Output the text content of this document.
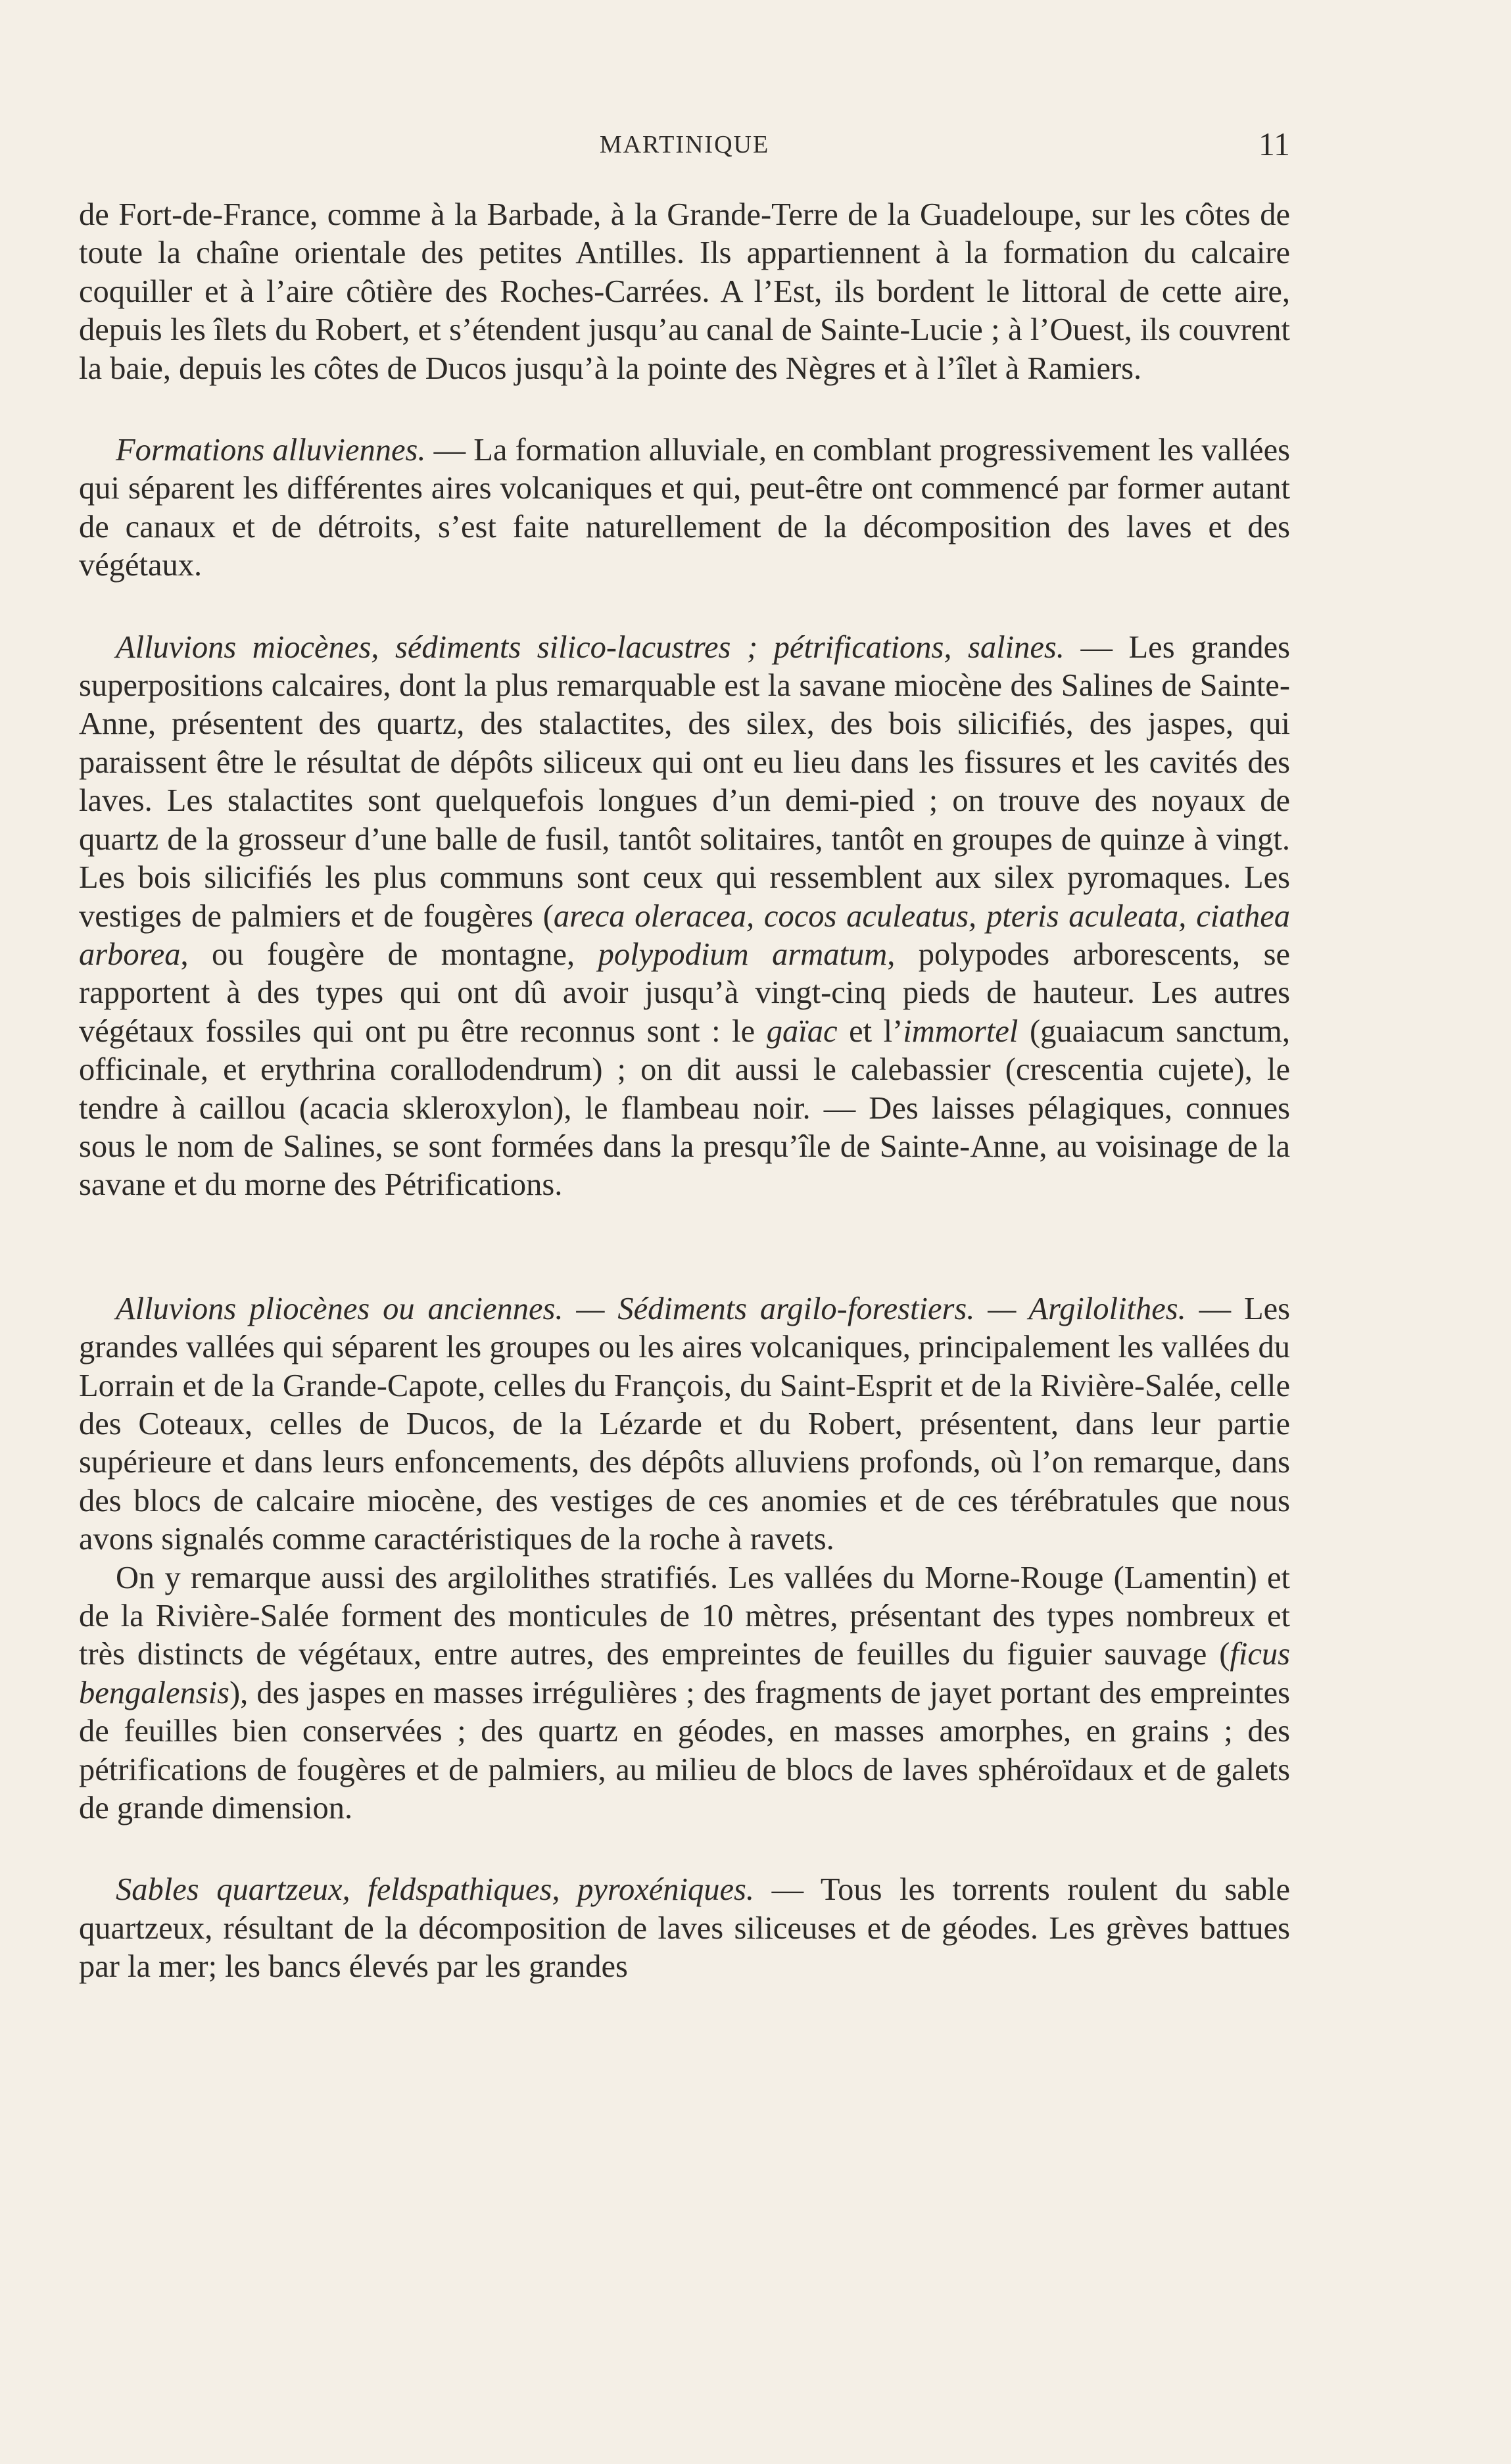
MARTINIQUE	11

de Fort-de-France, comme à la Barbade, à la Grande-Terre de la Guadeloupe, sur les côtes de toute la chaîne orientale des petites Antilles. Ils appartiennent à la formation du calcaire coquiller et à l’aire côtière des Roches-Carrées. A l’Est, ils bordent le littoral de cette aire, depuis les îlets du Robert, et s’étendent jusqu’au canal de Sainte-Lucie ; à l’Ouest, ils couvrent la baie, depuis les côtes de Ducos jusqu’à la pointe des Nègres et à l’îlet à Ramiers.

Formations alluviennes. — La formation alluviale, en comblant progressivement les vallées qui séparent les différentes aires volcaniques et qui, peut-être ont commencé par former autant de canaux et de détroits, s’est faite naturellement de la décomposition des laves et des végétaux.

Alluvions miocènes, sédiments silico-lacustres ; pétrifications, salines. — Les grandes superpositions calcaires, dont la plus remarquable est la savane miocène des Salines de Sainte-Anne, présentent des quartz, des stalactites, des silex, des bois silicifiés, des jaspes, qui paraissent être le résultat de dépôts siliceux qui ont eu lieu dans les fissures et les cavités des laves. Les stalactites sont quelquefois longues d’un demi-pied ; on trouve des noyaux de quartz de la grosseur d’une balle de fusil, tantôt solitaires, tantôt en groupes de quinze à vingt. Les bois silicifiés les plus communs sont ceux qui ressemblent aux silex pyromaques. Les vestiges de palmiers et de fougères (areca oleracea, cocos aculeatus, pteris aculeata, ciathea arborea, ou fougère de montagne, polypodium armatum, polypodes arborescents, se rapportent à des types qui ont dû avoir jusqu’à vingt-cinq pieds de hauteur. Les autres végétaux fossiles qui ont pu être reconnus sont : le gaïac et l’immortel (guaiacum sanctum, officinale, et erythrina corallodendrum) ; on dit aussi le calebassier (crescentia cujete), le tendre à caillou (acacia skleroxylon), le flambeau noir. — Des laisses pélagiques, connues sous le nom de Salines, se sont formées dans la presqu’île de Sainte-Anne, au voisinage de la savane et du morne des Pétrifications.

Alluvions pliocènes ou anciennes. — Sédiments argilo-forestiers. — Argilolithes. — Les grandes vallées qui séparent les groupes ou les aires volcaniques, principalement les vallées du Lorrain et de la Grande-Capote, celles du François, du Saint-Esprit et de la Rivière-Salée, celle des Coteaux, celles de Ducos, de la Lézarde et du Robert, présentent, dans leur partie supérieure et dans leurs enfoncements, des dépôts alluviens profonds, où l’on remarque, dans des blocs de calcaire miocène, des vestiges de ces anomies et de ces térébratules que nous avons signalés comme caractéristiques de la roche à ravets.

On y remarque aussi des argilolithes stratifiés. Les vallées du Morne-Rouge (Lamentin) et de la Rivière-Salée forment des monticules de 10 mètres, présentant des types nombreux et très distincts de végétaux, entre autres, des empreintes de feuilles du figuier sauvage (ficus bengalensis), des jaspes en masses irrégulières ; des fragments de jayet portant des empreintes de feuilles bien conservées ; des quartz en géodes, en masses amorphes, en grains ; des pétrifications de fougères et de palmiers, au milieu de blocs de laves sphéroïdaux et de galets de grande dimension.

Sables quartzeux, feldspathiques, pyroxéniques. — Tous les torrents roulent du sable quartzeux, résultant de la décomposition de laves siliceuses et de géodes. Les grèves battues par la mer; les bancs élevés par les grandes
